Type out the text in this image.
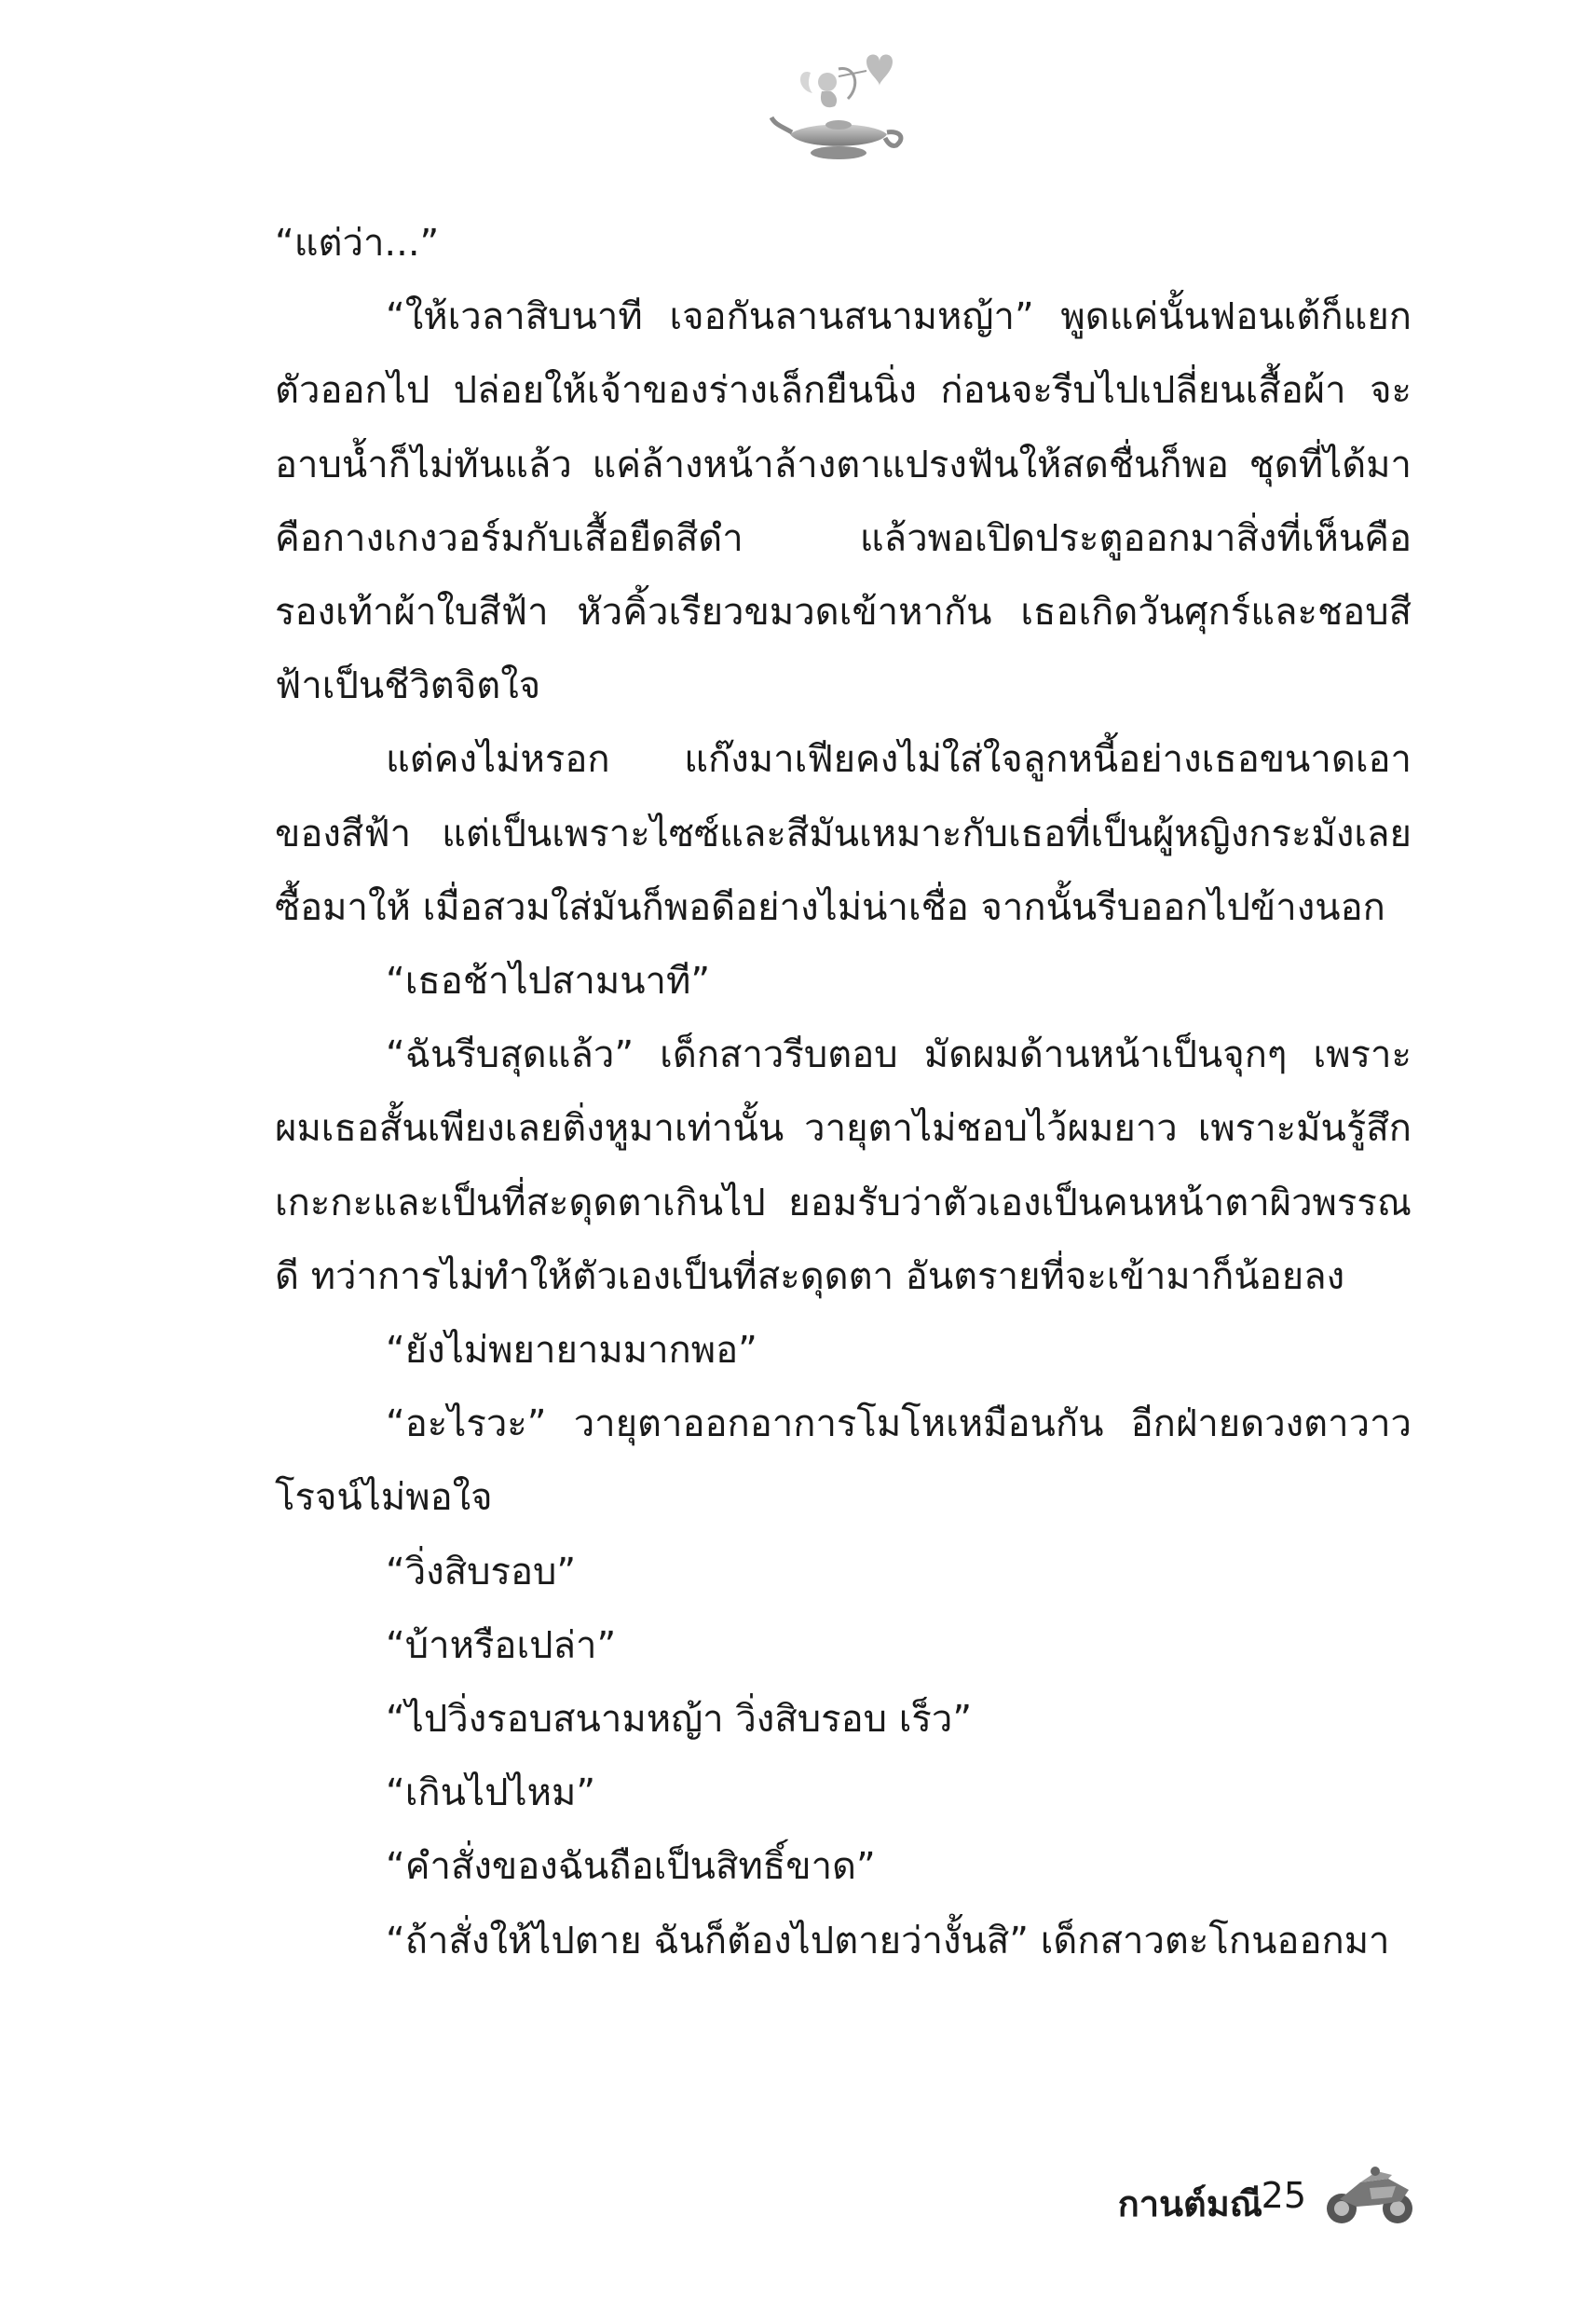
“แต่ว่า...”

“ให้เวลาสิบนาที เจอกันลานสนามหญ้า” พูดแค่นั้นฟอนเต้ก็แยกตัวออกไป ปล่อยให้เจ้าของร่างเล็กยืนนิ่ง ก่อนจะรีบไปเปลี่ยนเสื้อผ้า จะอาบน้ำก็ไม่ทันแล้ว แค่ล้างหน้าล้างตาแปรงฟันให้สดชื่นก็พอ ชุดที่ได้มาคือกางเกงวอร์มกับเสื้อยืดสีดำ แล้วพอเปิดประตูออกมาสิ่งที่เห็นคือรองเท้าผ้าใบสีฟ้า หัวคิ้วเรียวขมวดเข้าหากัน เธอเกิดวันศุกร์และชอบสีฟ้าเป็นชีวิตจิตใจ

แต่คงไม่หรอก แก๊งมาเฟียคงไม่ใส่ใจลูกหนี้อย่างเธอขนาดเอาของสีฟ้า แต่เป็นเพราะไซซ์และสีมันเหมาะกับเธอที่เป็นผู้หญิงกระมังเลยซื้อมาให้ เมื่อสวมใส่มันก็พอดีอย่างไม่น่าเชื่อ จากนั้นรีบออกไปข้างนอก

“เธอช้าไปสามนาที”

“ฉันรีบสุดแล้ว” เด็กสาวรีบตอบ มัดผมด้านหน้าเป็นจุกๆ เพราะผมเธอสั้นเพียงเลยติ่งหูมาเท่านั้น วายุตาไม่ชอบไว้ผมยาว เพราะมันรู้สึกเกะกะและเป็นที่สะดุดตาเกินไป ยอมรับว่าตัวเองเป็นคนหน้าตาผิวพรรณดี ทว่าการไม่ทำให้ตัวเองเป็นที่สะดุดตา อันตรายที่จะเข้ามาก็น้อยลง

“ยังไม่พยายามมากพอ”

“อะไรวะ” วายุตาออกอาการโมโหเหมือนกัน อีกฝ่ายดวงตาวาวโรจน์ไม่พอใจ

“วิ่งสิบรอบ”

“บ้าหรือเปล่า”

“ไปวิ่งรอบสนามหญ้า วิ่งสิบรอบ เร็ว”

“เกินไปไหม”

“คำสั่งของฉันถือเป็นสิทธิ์ขาด”

“ถ้าสั่งให้ไปตาย ฉันก็ต้องไปตายว่างั้นสิ” เด็กสาวตะโกนออกมา

กานต์มณี
25
